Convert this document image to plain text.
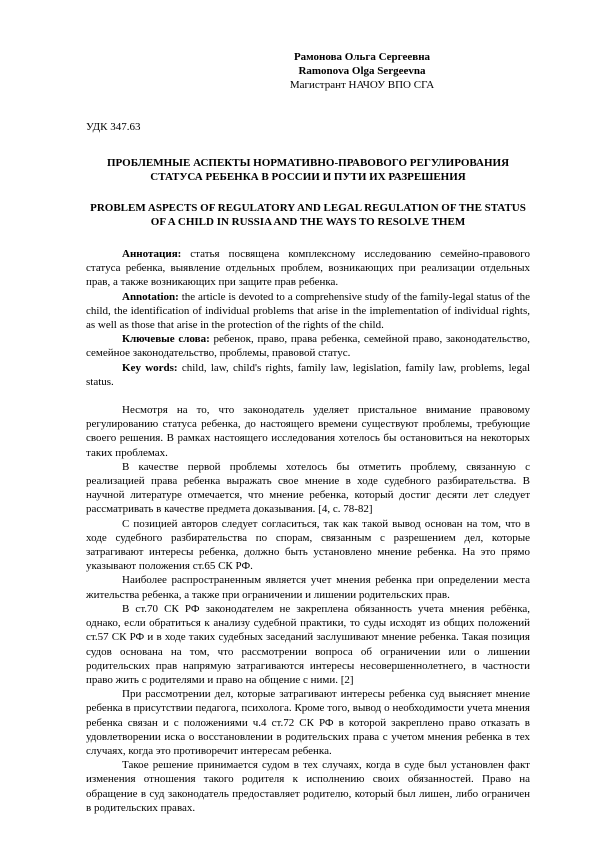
Рамонова Ольга Сергеевна
Ramonova Olga Sergeevna
Магистрант НАЧОУ ВПО СГА
УДК 347.63
ПРОБЛЕМНЫЕ АСПЕКТЫ НОРМАТИВНО-ПРАВОВОГО РЕГУЛИРОВАНИЯ СТАТУСА РЕБЕНКА В РОССИИ И ПУТИ ИХ РАЗРЕШЕНИЯ
PROBLEM ASPECTS OF REGULATORY AND LEGAL REGULATION OF THE STATUS OF A CHILD IN RUSSIA AND THE WAYS TO RESOLVE THEM

Аннотация: статья посвящена комплексному исследованию семейно-правового статуса ребенка, выявление отдельных проблем, возникающих при реализации отдельных прав, а также возникающих при защите прав ребенка.

Annotation: the article is devoted to a comprehensive study of the family-legal status of the child, the identification of individual problems that arise in the implementation of individual rights, as well as those that arise in the protection of the rights of the child.

Ключевые слова: ребенок, право, права ребенка, семейной право, законодательство, семейное законодательство, проблемы, правовой статус.

Key words: child, law, child's rights, family law, legislation, family law, problems, legal status.

Несмотря на то, что законодатель уделяет пристальное внимание правовому регулированию статуса ребенка, до настоящего времени существуют проблемы, требующие своего решения. В рамках настоящего исследования хотелось бы остановиться на некоторых таких проблемах.

В качестве первой проблемы хотелось бы отметить проблему, связанную с реализацией права ребенка выражать свое мнение в ходе судебного разбирательства. В научной литературе отмечается, что мнение ребенка, который достиг десяти лет следует рассматривать в качестве предмета доказывания. [4, с. 78-82]

С позицией авторов следует согласиться, так как такой вывод основан на том, что в ходе судебного разбирательства по спорам, связанным с разрешением дел, которые затрагивают интересы ребенка, должно быть установлено мнение ребенка. На это прямо указывают положения ст.65 СК РФ.

Наиболее распространенным является учет мнения ребенка при определении места жительства ребенка, а также при ограничении и лишении родительских прав.

В ст.70 СК РФ законодателем не закреплена обязанность учета мнения ребёнка, однако, если обратиться к анализу судебной практики, то суды исходят из общих положений ст.57 СК РФ и в ходе таких судебных заседаний заслушивают мнение ребенка. Такая позиция судов основана на том, что рассмотрении вопроса об ограничении или о лишении родительских прав напрямую затрагиваются интересы несовершеннолетнего, в частности право жить с родителями и право на общение с ними. [2]

При рассмотрении дел, которые затрагивают интересы ребенка суд выясняет мнение ребенка в присутствии педагога, психолога. Кроме того, вывод о необходимости учета мнения ребенка связан и с положениями ч.4 ст.72 СК РФ в которой закреплено право отказать в удовлетворении иска о восстановлении в родительских права с учетом мнения ребенка в тех случаях, когда это противоречит интересам ребенка.

Такое решение принимается судом в тех случаях, когда в суде был установлен факт изменения отношения такого родителя к исполнению своих обязанностей. Право на обращение в суд законодатель предоставляет родителю, который был лишен, либо ограничен в родительских правах.
